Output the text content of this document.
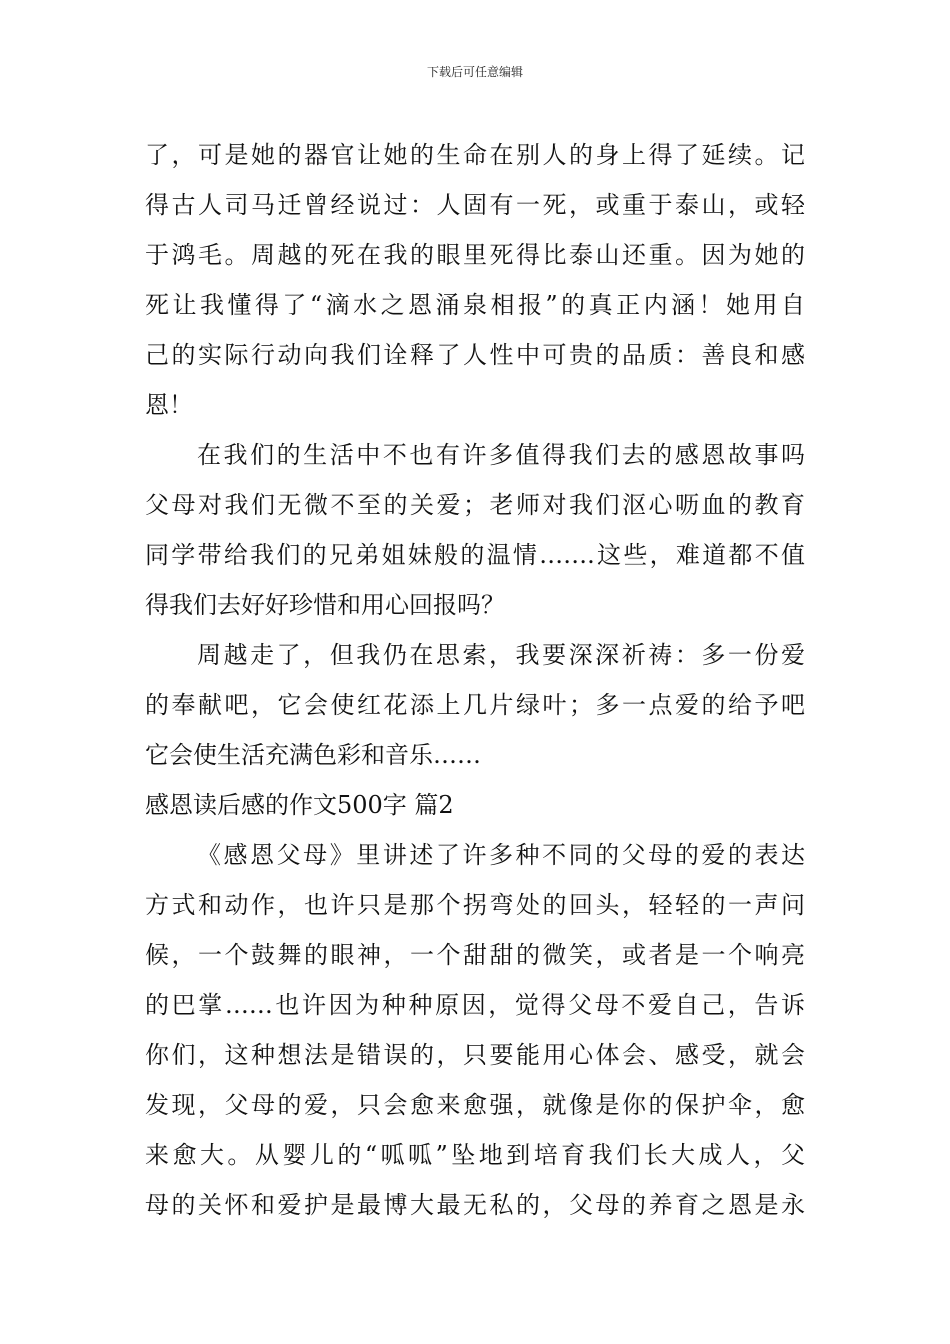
下载后可任意编辑
了，可是她的器官让她的生命在别人的身上得了延续。记
得古人司马迁曾经说过：人固有一死，或重于泰山，或轻
于鸿毛。周越的死在我的眼里死得比泰山还重。因为她的
死让我懂得了“滴水之恩涌泉相报”的真正内涵！她用自
己的实际行动向我们诠释了人性中可贵的品质：善良和感
恩！
在我们的生活中不也有许多值得我们去的感恩故事吗
父母对我们无微不至的关爱；老师对我们沤心呖血的教育
同学带给我们的兄弟姐妹般的温情…….这些，难道都不值
得我们去好好珍惜和用心回报吗？
周越走了，但我仍在思索，我要深深祈祷：多一份爱
的奉献吧，它会使红花添上几片绿叶；多一点爱的给予吧
它会使生活充满色彩和音乐……
感恩读后感的作文500字 篇2
《感恩父母》里讲述了许多种不同的父母的爱的表达
方式和动作，也许只是那个拐弯处的回头，轻轻的一声问
候，一个鼓舞的眼神，一个甜甜的微笑，或者是一个响亮
的巴掌……也许因为种种原因，觉得父母不爱自己，告诉
你们，这种想法是错误的，只要能用心体会、感受，就会
发现，父母的爱，只会愈来愈强，就像是你的保护伞，愈
来愈大。从婴儿的“呱呱”坠地到培育我们长大成人，父
母的关怀和爱护是最博大最无私的，父母的养育之恩是永
